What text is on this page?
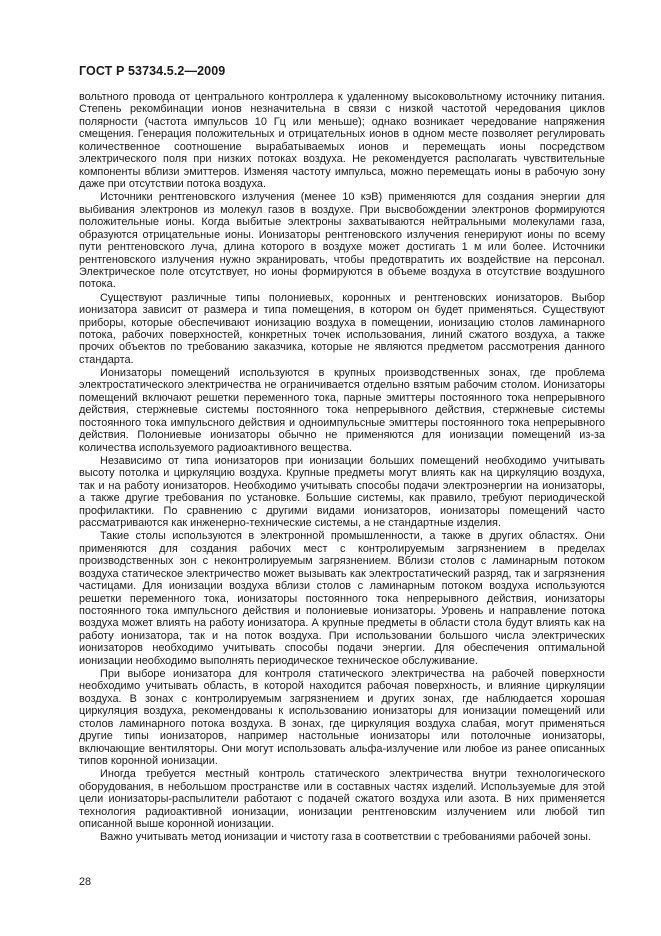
ГОСТ Р 53734.5.2—2009

вольтного провода от центрального контроллера к удаленному высоковольтному источнику питания. Степень рекомбинации ионов незначительна в связи с низкой частотой чередования циклов полярности (частота импульсов 10 Гц или меньше); однако возникает чередование напряжения смещения. Генерация положительных и отрицательных ионов в одном месте позволяет регулировать количественное соотношение вырабатываемых ионов и перемещать ионы посредством электрического поля при низких потоках воздуха. Не рекомендуется располагать чувствительные компоненты вблизи эмиттеров. Изменяя частоту импульса, можно перемещать ионы в рабочую зону даже при отсутствии потока воздуха.

Источники рентгеновского излучения (менее 10 кэВ) применяются для создания энергии для выбивания электронов из молекул газов в воздухе. При высвобождении электронов формируются положительные ионы. Когда выбитые электроны захватываются нейтральными молекулами газа, образуются отрицательные ионы. Ионизаторы рентгеновского излучения генерируют ионы по всему пути рентгеновского луча, длина которого в воздухе может достигать 1 м или более. Источники рентгеновского излучения нужно экранировать, чтобы предотвратить их воздействие на персонал. Электрическое поле отсутствует, но ионы формируются в объеме воздуха в отсутствие воздушного потока.

Существуют различные типы полониевых, коронных и рентгеновских ионизаторов. Выбор ионизатора зависит от размера и типа помещения, в котором он будет применяться. Существуют приборы, которые обеспечивают ионизацию воздуха в помещении, ионизацию столов ламинарного потока, рабочих поверхностей, конкретных точек использования, линий сжатого воздуха, а также прочих объектов по требованию заказчика, которые не являются предметом рассмотрения данного стандарта.

Ионизаторы помещений используются в крупных производственных зонах, где проблема электростатического электричества не ограничивается отдельно взятым рабочим столом. Ионизаторы помещений включают решетки переменного тока, парные эмиттеры постоянного тока непрерывного действия, стержневые системы постоянного тока непрерывного действия, стержневые системы постоянного тока импульсного действия и одноимпульсные эмиттеры постоянного тока непрерывного действия. Полониевые ионизаторы обычно не применяются для ионизации помещений из-за количества используемого радиоактивного вещества.

Независимо от типа ионизаторов при ионизации больших помещений необходимо учитывать высоту потолка и циркуляцию воздуха. Крупные предметы могут влиять как на циркуляцию воздуха, так и на работу ионизаторов. Необходимо учитывать способы подачи электроэнергии на ионизаторы, а также другие требования по установке. Большие системы, как правило, требуют периодической профилактики. По сравнению с другими видами ионизаторов, ионизаторы помещений часто рассматриваются как инженерно-технические системы, а не стандартные изделия.

Такие столы используются в электронной промышленности, а также в других областях. Они применяются для создания рабочих мест с контролируемым загрязнением в пределах производственных зон с неконтролируемым загрязнением. Вблизи столов с ламинарным потоком воздуха статическое электричество может вызывать как электростатический разряд, так и загрязнения частицами. Для ионизации воздуха вблизи столов с ламинарным потоком воздуха используются решетки переменного тока, ионизаторы постоянного тока непрерывного действия, ионизаторы постоянного тока импульсного действия и полониевые ионизаторы. Уровень и направление потока воздуха может влиять на работу ионизатора. А крупные предметы в области стола будут влиять как на работу ионизатора, так и на поток воздуха. При использовании большого числа электрических ионизаторов необходимо учитывать способы подачи энергии. Для обеспечения оптимальной ионизации необходимо выполнять периодическое техническое обслуживание.

При выборе ионизатора для контроля статического электричества на рабочей поверхности необходимо учитывать область, в которой находится рабочая поверхность, и влияние циркуляции воздуха. В зонах с контролируемым загрязнением и других зонах, где наблюдается хорошая циркуляция воздуха, рекомендованы к использованию ионизаторы для ионизации помещений или столов ламинарного потока воздуха. В зонах, где циркуляция воздуха слабая, могут применяться другие типы ионизаторов, например настольные ионизаторы или потолочные ионизаторы, включающие вентиляторы. Они могут использовать альфа-излучение или любое из ранее описанных типов коронной ионизации.

Иногда требуется местный контроль статического электричества внутри технологического оборудования, в небольшом пространстве или в составных частях изделий. Используемые для этой цели ионизаторы-распылители работают с подачей сжатого воздуха или азота. В них применяется технология радиоактивной ионизации, ионизации рентгеновским излучением или любой тип описанной выше коронной ионизации.

Важно учитывать метод ионизации и чистоту газа в соответствии с требованиями рабочей зоны.

28
